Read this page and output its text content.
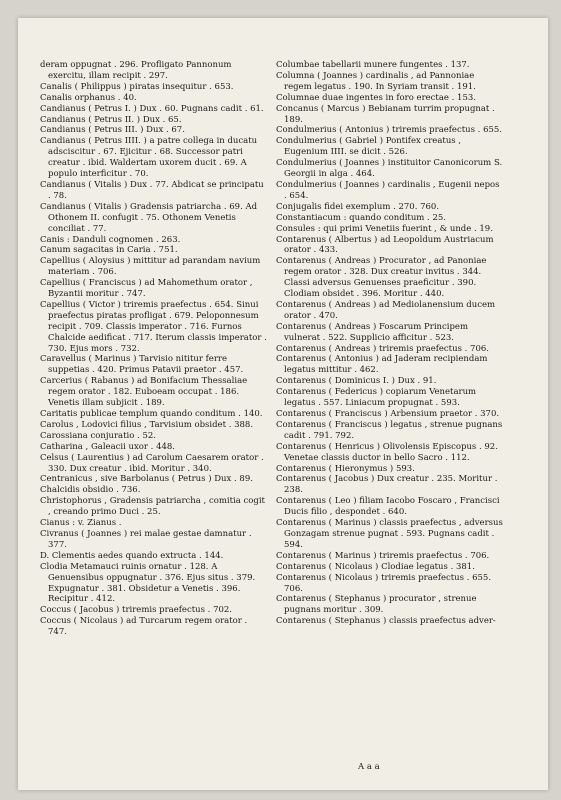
deram oppugnat . 296. Profligato Pannonum exercitu, illam recipit . 297.

Canalis ( Philippus ) piratas insequitur . 653.

Canalis orphanus . 40.

Candianus ( Petrus I. ) Dux . 60. Pugnans cadit . 61.

Candianus ( Petrus II. ) Dux . 65.

Candianus ( Petrus III. ) Dux . 67.

Candianus ( Petrus IIII. ) a patre collega in ducatu adsciscitur . 67. Ejicitur . 68. Successor patri creatur . ibid. Waldertam uxorem ducit . 69. A populo interficitur . 70.

Candianus ( Vitalis ) Dux . 77. Abdicat se principatu . 78.

Candianus ( Vitalis ) Gradensis patriarcha . 69. Ad Othonem II. confugit . 75. Othonem Venetis conciliat . 77.

Canis : Danduli cognomen . 263.

Canum sagacitas in Caria . 751.

Capellius ( Aloysius ) mittitur ad parandam navium materiam . 706.

Capellius ( Franciscus ) ad Mahomethum orator , Byzantii moritur . 747.

Capellius ( Victor ) triremis praefectus . 654. Sinui praefectus piratas profligat . 679. Peloponnesum recipit . 709. Classis imperator . 716. Furnos Chalcide aedificat . 717. Iterum classis imperator . 730. Ejus mors . 732.

Caravellus ( Marinus ) Tarvisio nititur ferre suppetias . 420. Primus Patavii praetor . 457.

Carcerius ( Rabanus ) ad Bonifacium Thessaliae regem orator . 182. Euboeam occupat . 186. Venetis illam subjicit . 189.

Caritatis publicae templum quando conditum . 140.

Carolus , Lodovici filius , Tarvisium obsidet . 388.

Carossiana conjuratio . 52.

Catharina , Galeacii uxor . 448.

Celsus ( Laurentius ) ad Carolum Caesarem orator . 330. Dux creatur . ibid. Moritur . 340.

Centranicus , sive Barbolanus ( Petrus ) Dux . 89.

Chalcidis obsidio . 736.

Christophorus , Gradensis patriarcha , comitia cogit , creando primo Duci . 25.

Cianus : v. Zianus .

Civranus ( Joannes ) rei malae gestae damnatur . 377.

D. Clementis aedes quando extructa . 144.

Clodia Metamauci ruinis ornatur . 128. A Genuensibus oppugnatur . 376. Ejus situs . 379. Expugnatur . 381. Obsidetur a Venetis . 396. Recipitur . 412.

Coccus ( Jacobus ) triremis praefectus . 702.

Coccus ( Nicolaus ) ad Turcarum regem orator . 747.

Columbae tabellarii munere fungentes . 137.

Columna ( Joannes ) cardinalis , ad Pannoniae regem legatus . 190. In Syriam transit . 191.

Columnae duae ingentes in foro erectae . 153.

Concanus ( Marcus ) Bebianam turrim propugnat . 189.

Condulmerius ( Antonius ) triremis praefectus . 655.

Condulmerius ( Gabriel ) Pontifex creatus , Eugenium IIII. se dicit . 526.

Condulmerius ( Joannes ) instituitor Canonicorum S. Georgii in alga . 464.

Condulmerius ( Joannes ) cardinalis , Eugenii nepos . 654.

Conjugalis fidei exemplum . 270. 760.

Constantiacum : quando conditum . 25.

Consules : qui primi Venetiis fuerint , & unde . 19.

Contarenus ( Albertus ) ad Leopoldum Austriacum orator . 433.

Contarenus ( Andreas ) Procurator , ad Panoniae regem orator . 328. Dux creatur invitus . 344. Classi adversus Genuenses praeficitur . 390. Clodiam obsidet . 396. Moritur . 440.

Contarenus ( Andreas ) ad Mediolanensium ducem orator . 470.

Contarenus ( Andreas ) Foscarum Principem vulnerat . 522. Supplicio afficitur . 523.

Contarenus ( Andreas ) triremis praefectus . 706.

Contarenus ( Antonius ) ad Jaderam recipiendam legatus mittitur . 462.

Contarenus ( Dominicus I. ) Dux . 91.

Contarenus ( Federicus ) copiarum Venetarum legatus . 557. Liniacum propugnat . 593.

Contarenus ( Franciscus ) Arbensium praetor . 370.

Contarenus ( Franciscus ) legatus , strenue pugnans cadit . 791. 792.

Contarenus ( Henricus ) Olivolensis Episcopus . 92. Venetae classis ductor in bello Sacro . 112.

Contarenus ( Hieronymus ) 593.

Contarenus ( Jacobus ) Dux creatur . 235. Moritur . 238.

Contarenus ( Leo ) filiam Iacobo Foscaro , Francisci Ducis filio , despondet . 640.

Contarenus ( Marinus ) classis praefectus , adversus Gonzagam strenue pugnat . 593. Pugnans cadit . 594.

Contarenus ( Marinus ) triremis praefectus . 706.

Contarenus ( Nicolaus ) Clodiae legatus . 381.

Contarenus ( Nicolaus ) triremis praefectus . 655. 706.

Contarenus ( Stephanus ) procurator , strenue pugnans moritur . 309.

Contarenus ( Stephanus ) classis praefectus adver-

A a a
